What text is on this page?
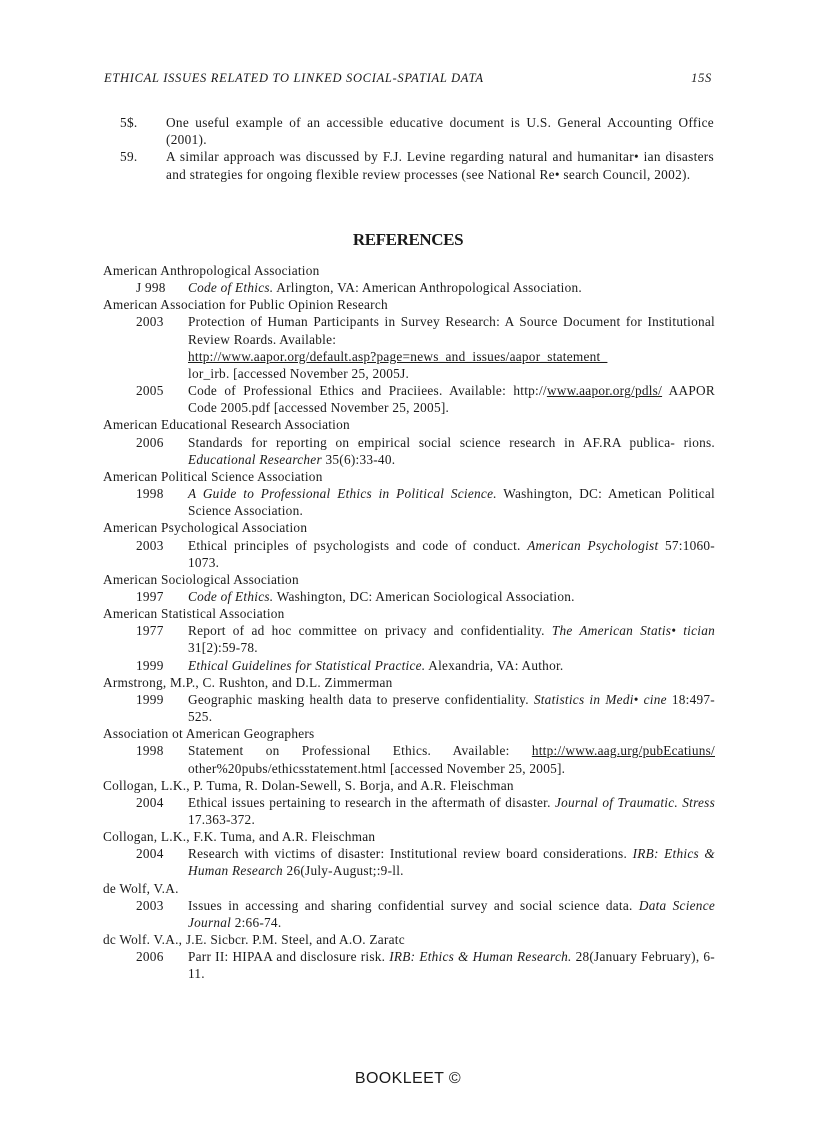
ETHICAL ISSUES RELATED TO LINKED SOCIAL-SPATIAL DATA	15S
5$. One useful example of an accessible educative document is U.S. General Accounting Office (2001).
59. A similar approach was discussed by F.J. Levine regarding natural and humanitar• ian disasters and strategies for ongoing flexible review processes (see National Re• search Council, 2002).
REFERENCES
American Anthropological Association
J 998 Code of Ethics. Arlington, VA: American Anthropological Association.
American Association for Public Opinion Research
2003 Protection of Human Participants in Survey Research: A Source Document for Institutional Review Roards. Available:
http://www.aapor.org/default.asp?page=news_and_issues/aapor_statement_
lor_irb. [accessed November 25, 2005J.
2005 Code of Professional Ethics and Praciiees. Available: http://www.aapor.org/pdls/ AAPOR Code 2005.pdf [accessed November 25, 2005].
American Educational Research Association
2006 Standards for reporting on empirical social science research in AF.RA publica- rions. Educational Researcher 35(6):33-40.
American Political Science Association
1998 A Guide to Professional Ethics in Political Science. Washington, DC: Ametican Political Science Association.
American Psychological Association
2003 Ethical principles of psychologists and code of conduct. American Psychologist 57:1060-1073.
American Sociological Association
1997 Code of Ethics. Washington, DC: American Sociological Association.
American Statistical Association
1977 Report of ad hoc committee on privacy and confidentiality. The American Statis• tician 31[2):59-78.
1999 Ethical Guidelines for Statistical Practice. Alexandria, VA: Author.
Armstrong, M.P., C. Rushton, and D.L. Zimmerman
1999 Geographic masking health data to preserve confidentiality. Statistics in Medi• cine 18:497-525.
Association ot American Geographers
1998 Statement on Professional Ethics. Available: http://www.aag.urg/pubEcatiuns/ other%20pubs/ethicsstatement.html [accessed November 25, 2005].
Collogan, L.K., P. Tuma, R. Dolan-Sewell, S. Borja, and A.R. Fleischman
2004 Ethical issues pertaining to research in the aftermath of disaster. Journal of Traumatic. Stress 17.363-372.
Collogan, L.K., F.K. Tuma, and A.R. Fleischman
2004 Research with victims of disaster: Institutional review board considerations. IRB: Ethics & Human Research 26(July-August;:9-ll.
de Wolf, V.A.
2003 Issues in accessing and sharing confidential survey and social science data. Data Science Journal 2:66-74.
dc Wolf. V.A., J.E. Sicbcr. P.M. Steel, and A.O. Zaratc
2006 Parr II: HIPAA and disclosure risk. IRB: Ethics & Human Research. 28(January February), 6-11.
BOOKLEET ©
